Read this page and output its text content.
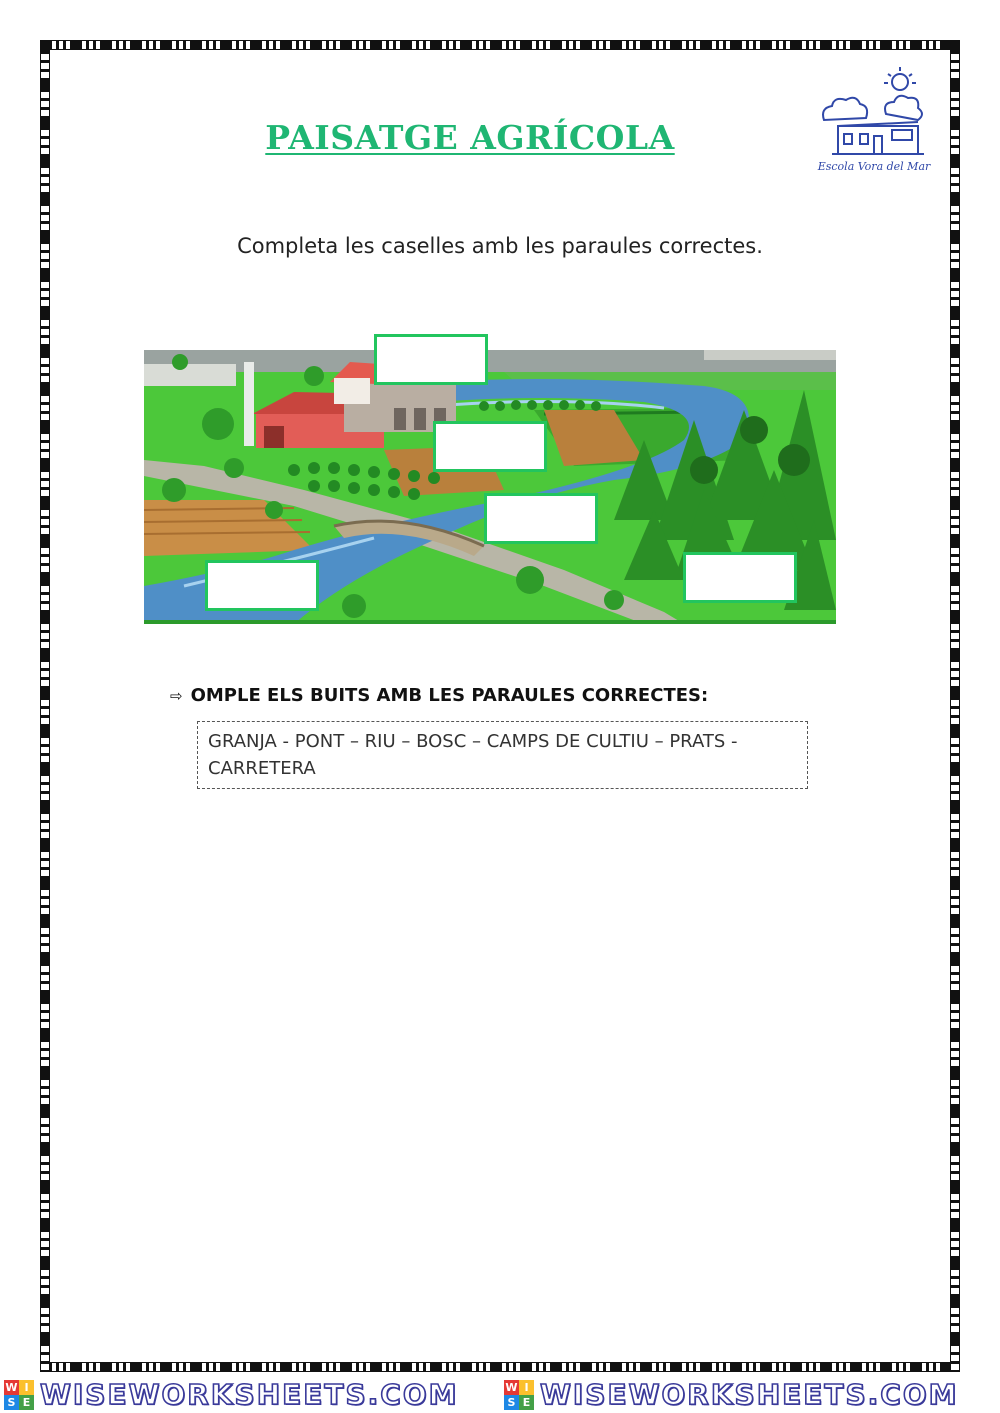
PAISATGE AGRÍCOLA
Escola Vora del Mar
Completa les caselles amb les paraules correctes.
⇨ OMPLE ELS BUITS AMB LES PARAULES CORRECTES:
GRANJA - PONT – RIU – BOSC – CAMPS DE CULTIU – PRATS - CARRETERA
W I
S E WISEWORKSHEETS.COM	W I
S E WISEWORKSHEETS.COM
